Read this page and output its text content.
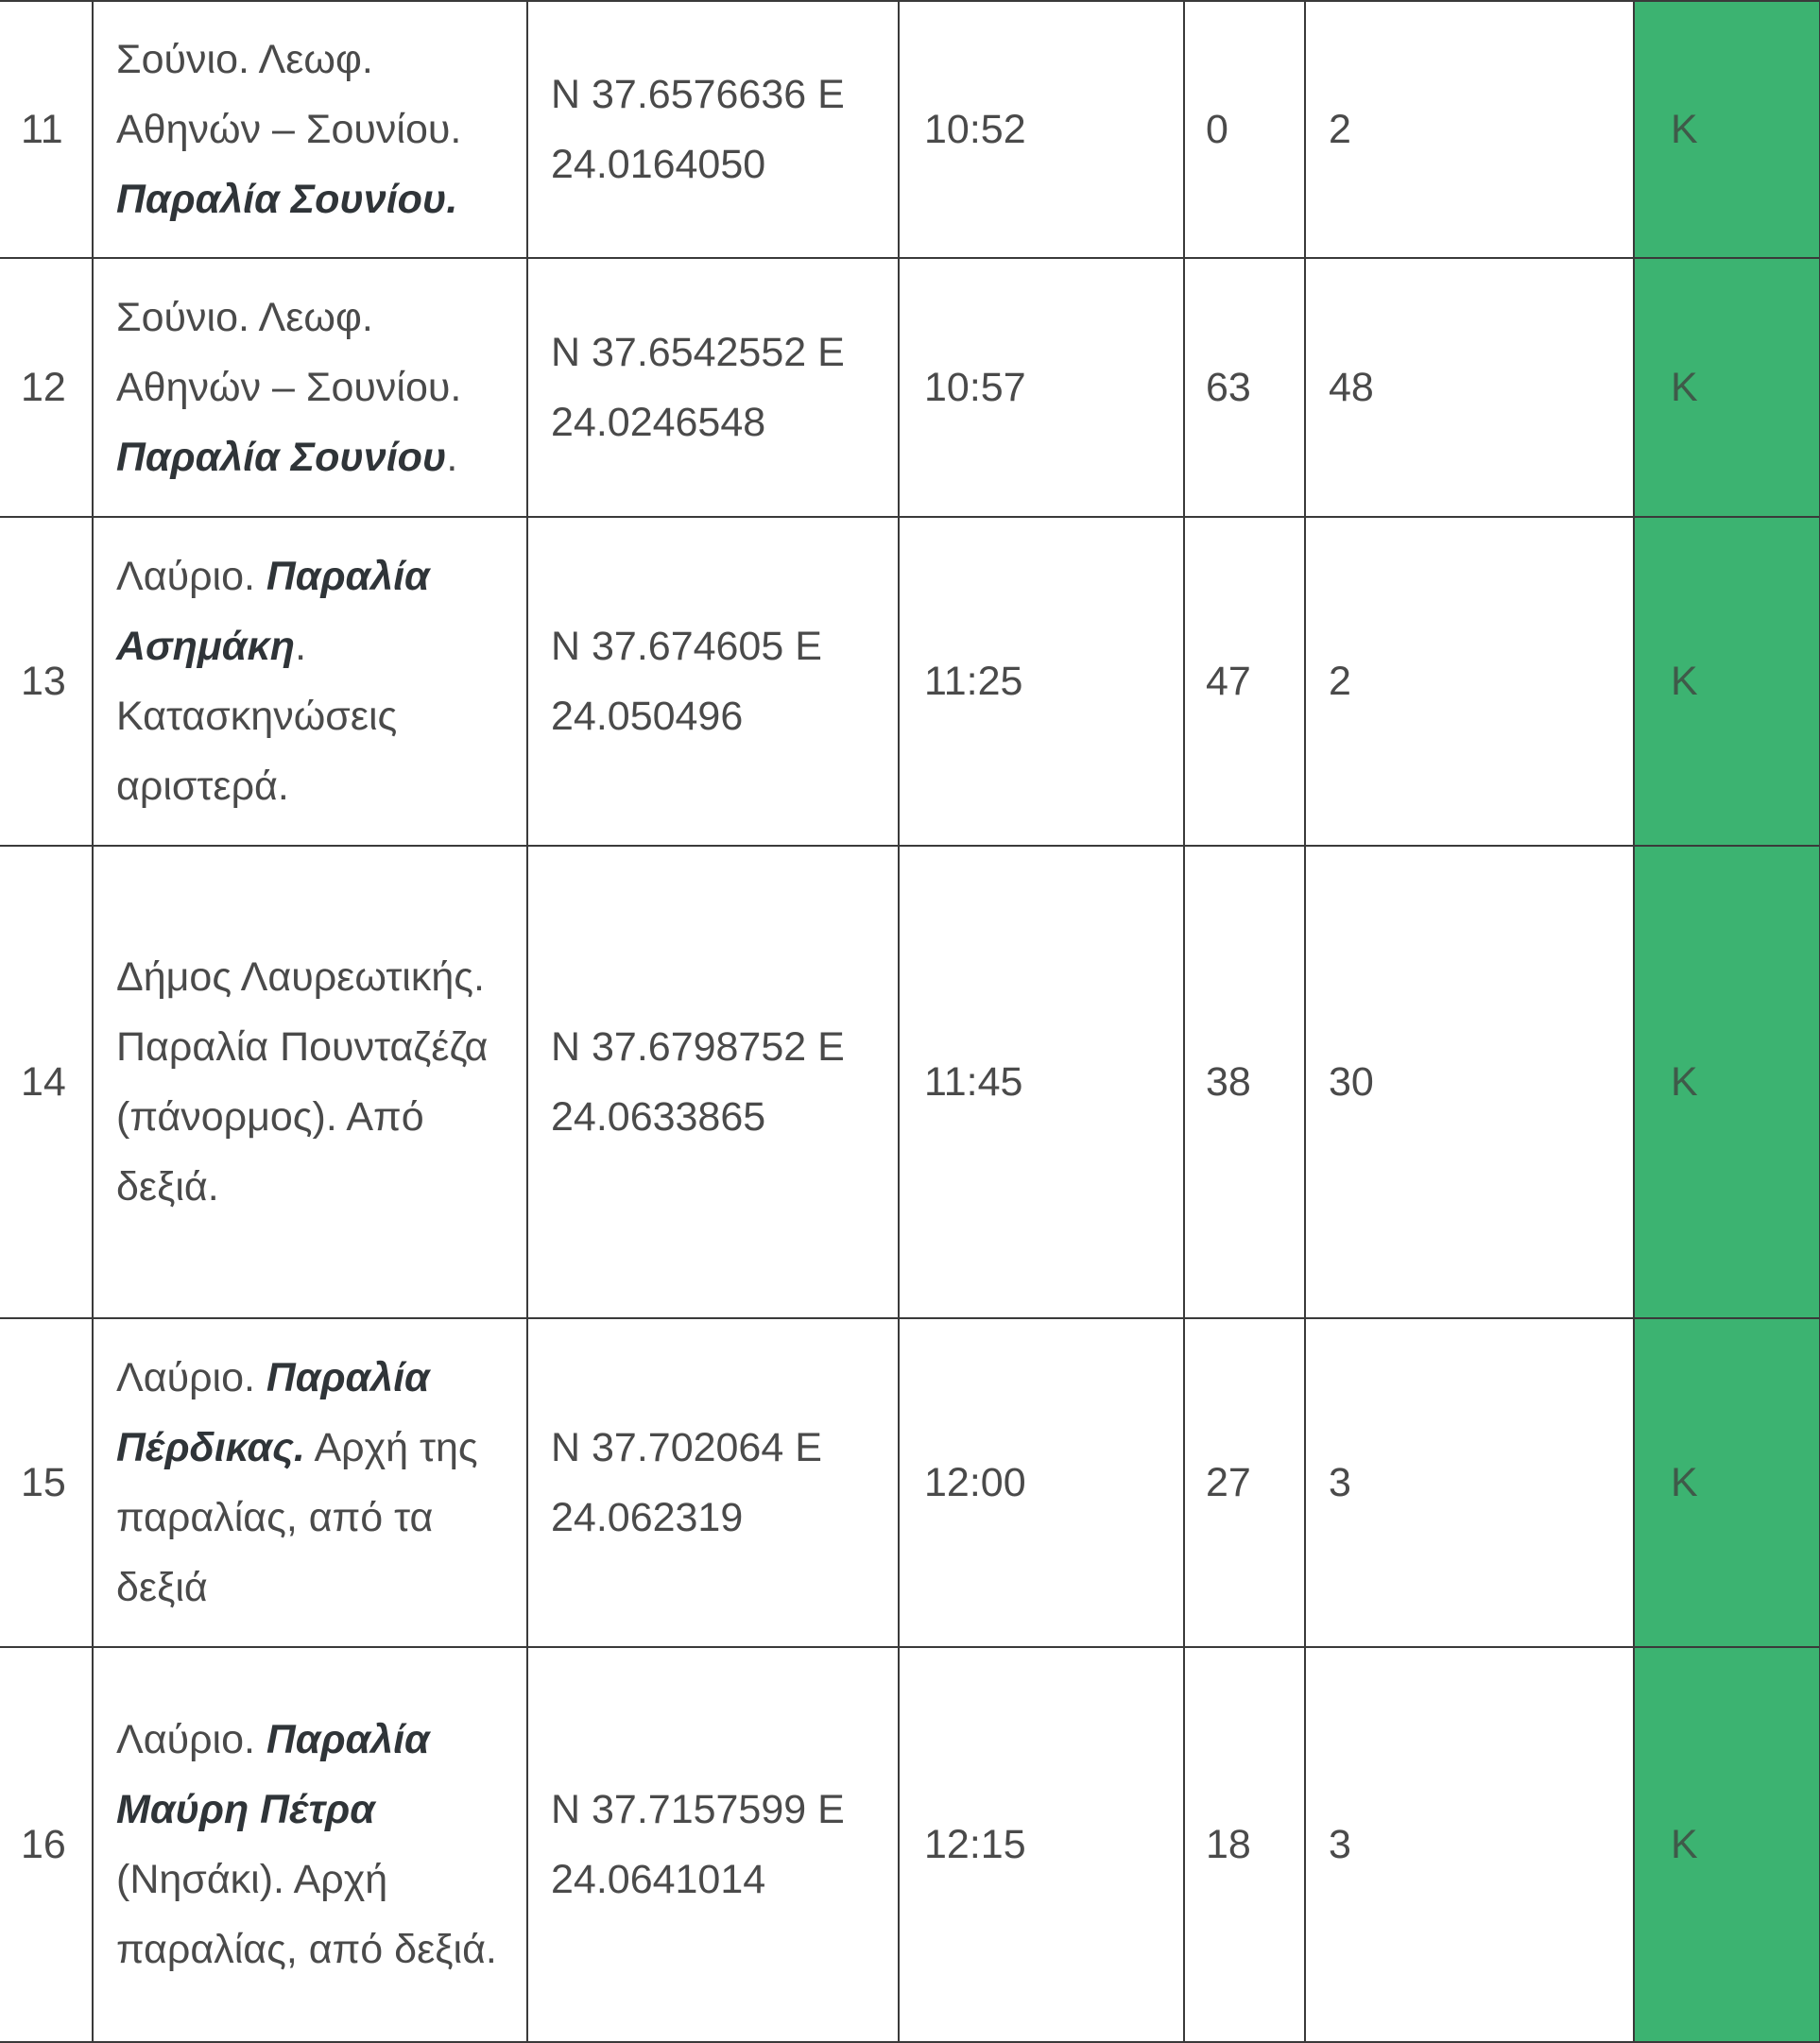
11	Σούνιο. Λεωφ. Αθηνών – Σουνίου. Παραλία Σουνίου.	N 37.6576636 E 24.0164050	10:52	0	2	K
12	Σούνιο. Λεωφ. Αθηνών – Σουνίου. Παραλία Σουνίου.	N 37.6542552 E 24.0246548	10:57	63	48	K
13	Λαύριο. Παραλία Ασημάκη. Κατασκηνώσεις αριστερά.	N 37.674605 E 24.050496	11:25	47	2	K
14	Δήμος Λαυρεωτικής. Παραλία Πουνταζέζα (πάνορμος). Από δεξιά.	N 37.6798752 E 24.0633865	11:45	38	30	K
15	Λαύριο. Παραλία Πέρδικας. Αρχή της παραλίας, από τα δεξιά	N 37.702064 E 24.062319	12:00	27	3	K
16	Λαύριο. Παραλία Μαύρη Πέτρα (Νησάκι). Αρχή παραλίας, από δεξιά.	N 37.7157599 E 24.0641014	12:15	18	3	K
